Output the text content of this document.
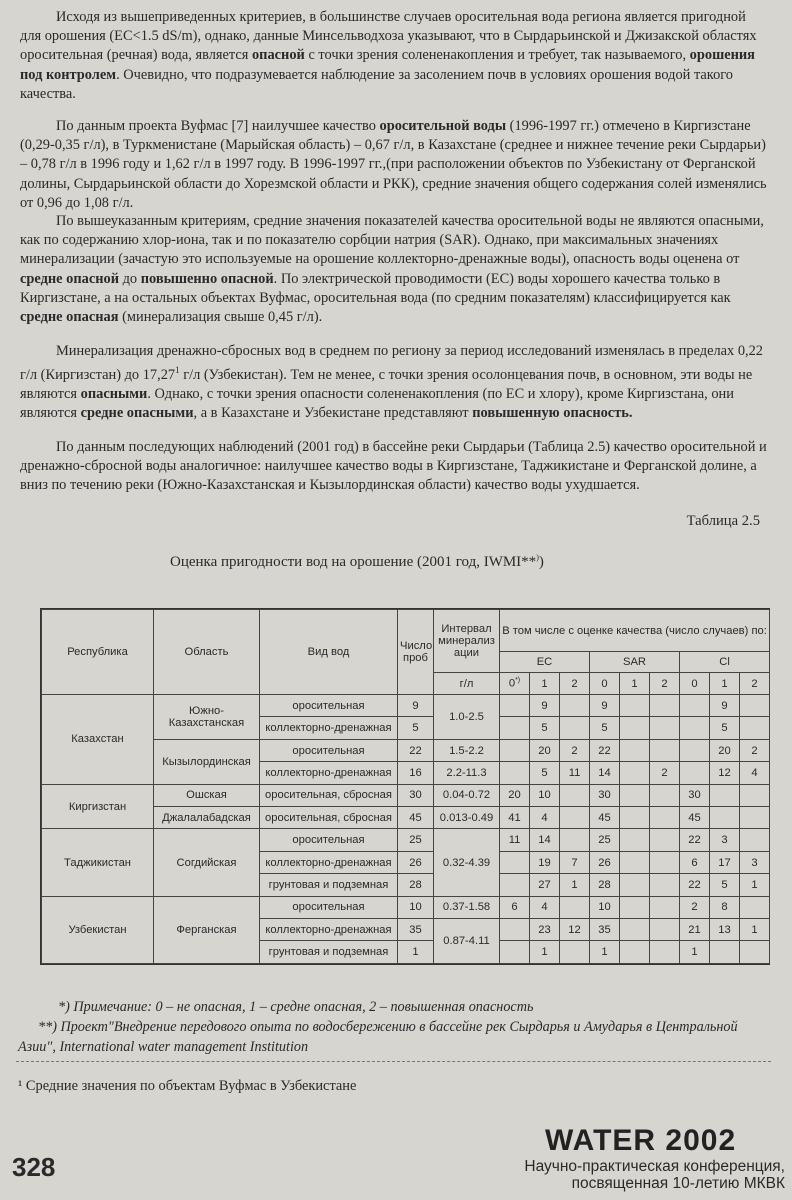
Исходя из вышеприведенных критериев, в большинстве случаев оросительная вода региона является пригодной для орошения (ЕС<1.5 dS/m), однако, данные Минсельводхоза указывают, что в Сырдарьинской и Джизакской областях оросительная (речная) вода, является опасной с точки зрения солененакопления и требует, так называемого, орошения под контролем. Очевидно, что подразумевается наблюдение за засолением почв в условиях орошения водой такого качества.

По данным проекта Вуфмас [7] наилучшее качество оросительной воды (1996-1997 гг.) отмечено в Киргизстане (0,29-0,35 г/л), в Туркменистане (Марыйская область) – 0,67 г/л, в Казахстане (среднее и нижнее течение реки Сырдарьи) – 0,78 г/л в 1996 году и 1,62 г/л в 1997 году. В 1996-1997 гг.,(при расположении объектов по Узбекистану от Ферганской долины, Сырдарьинской области до Хорезмской области и РКК), средние значения общего содержания солей изменялись от 0,96 до 1,08 г/л.

По вышеуказанным критериям, средние значения показателей качества оросительной воды не являются опасными, как по содержанию хлор-иона, так и по показателю сорбции натрия (SAR). Однако, при максимальных значениях минерализации (зачастую это используемые на орошение коллекторно-дренажные воды), опасность воды оценена от средне опасной до повышенно опасной. По электрической проводимости (ЕС) воды хорошего качества только в Киргизстане, а на остальных объектах Вуфмас, оросительная вода (по средним показателям) классифицируется как средне опасная (минерализация свыше 0,45 г/л).

Минерализация дренажно-сбросных вод в среднем по региону за период исследований изменялась в пределах 0,22 г/л (Киргизстан) до 17,27$^1$ г/л (Узбекистан). Тем не менее, с точки зрения осолонцевания почв, в основном, эти воды не являются опасными. Однако, с точки зрения опасности солененакопления (по ЕС и хлору), кроме Киргизстана, они являются средне опасными, а в Казахстане и Узбекистане представляют повышенную опасность.

По данным последующих наблюдений (2001 год) в бассейне реки Сырдарьи (Таблица 2.5) качество оросительной и дренажно-сбросной воды аналогичное: наилучшее качество воды в Киргизстане, Таджикистане и Ферганской долине, а вниз по течению реки (Южно-Казахстанская и Кызылординская области) качество воды ухудшается.

Таблица 2.5
Оценка пригодности вод на орошение (2001 год, IWMI**))
Республика	Область	Вид вод	Число проб	Интервал минерализ ации	В том числе с оценке качества (число случаев) по:								
					ЕС			SAR			Cl		
				г/л	0*)	1	2	0	1	2	0	1	2
Казахстан	Южно-Казахстанская	оросительная	9	1.0-2.5		9		9				9	
		коллекторно-дренажная	5			5		5				5	
	Кызылординская	оросительная	22	1.5-2.2		20	2	22				20	2
		коллекторно-дренажная	16	2.2-11.3		5	11	14		2		12	4
Киргизстан	Ошская	оросительная, сбросная	30	0.04-0.72	20	10		30			30		
	Джалалабадская	оросительная, сбросная	45	0.013-0.49	41	4		45			45		
Таджикистан	Согдийская	оросительная	25	0.32-4.39	11	14		25			22	3	
		коллекторно-дренажная	26			19	7	26			6	17	3
		грунтовая и подземная	28			27	1	28			22	5	1
Узбекистан	Ферганская	оросительная	10	0.37-1.58	6	4		10			2	8	
		коллекторно-дренажная	35	0.87-4.11		23	12	35			21	13	1
		грунтовая и подземная	1			1		1			1		
*) Примечание: 0 – не опасная, 1 – средне опасная, 2 – повышенная опасность
**) Проект"Внедрение передового опыта по водосбережению в бассейне рек Сырдарья и Амударья в Центральной Азии", International water management Institution
¹ Средние значения по объектам Вуфмас в Узбекистане
328
WATER 2002
Научно-практическая конференция,
посвященная 10-летию МКВК
